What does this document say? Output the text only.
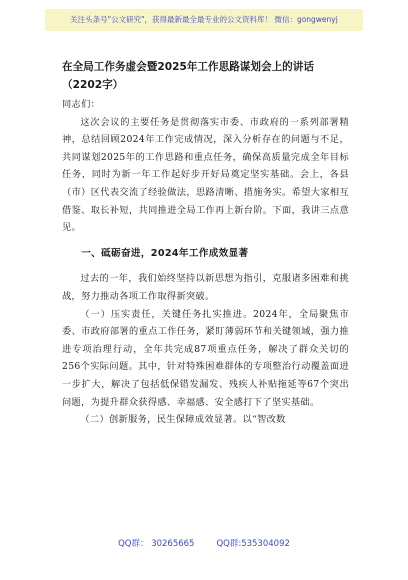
关注头条号"公文研究"，获得最新最全最专业的公文资料库！ 微信：gongwenyj
在全局工作务虚会暨2025年工作思路谋划会上的讲话
（2202字）

同志们：

这次会议的主要任务是贯彻落实市委、市政府的一系列部署精神，总结回顾2024年工作完成情况，深入分析存在的问题与不足，共同谋划2025年的工作思路和重点任务，确保高质量完成全年目标任务，同时为新一年工作起好步开好局奠定坚实基础。会上，各县（市）区代表交流了经验做法，思路清晰、措施务实。希望大家相互借鉴、取长补短，共同推进全局工作再上新台阶。下面，我讲三点意见。

一、砥砺奋进，2024年工作成效显著

过去的一年，我们始终坚持以新思想为指引，克服诸多困难和挑战，努力推动各项工作取得新突破。

（一）压实责任，关键任务扎实推进。2024年，全局聚焦市委、市政府部署的重点工作任务，紧盯薄弱环节和关键领域，强力推进专项治理行动，全年共完成87项重点任务，解决了群众关切的256个实际问题。其中，针对特殊困难群体的专项整治行动覆盖面进一步扩大，解决了包括低保错发漏发、残疾人补贴拖延等67个突出问题，为提升群众获得感、幸福感、安全感打下了坚实基础。

（二）创新服务，民生保障成效显著。以“智改数

QQ群： 30265665	QQ群:535304092
